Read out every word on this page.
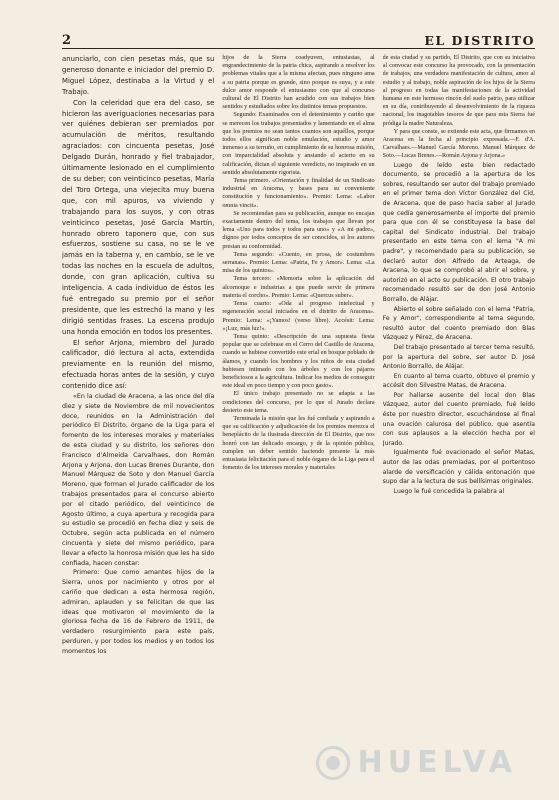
2	EL DISTRITO

anunciarlo, con cien pesetas más, que su generoso donante e iniciador del premio D. Miguel López, destinaba a la Virtud y el Trabajo.

Con la celeridad que era del caso, se hicieron las averiguaciones necesarias para ver quiénes debieran ser premiados por acumulación de méritos, resultando agraciados: con cincuenta pesetas, José Delgado Durán, honrado y fiel trabajador, últimamente lesionado en el cumplimiento de su deber; con veinticinco pesetas, María del Toro Ortega, una viejecita muy buena que, con mil apuros, va viviendo y trabajando para los suyos, y con otras veinticinco pesetas, José García Martín, honrado obrero taponero que, con sus esfuerzos, sostiene su casa, no se le ve jamás en la taberna y, en cambio, se le ve todas las noches en la escuela de adultos, donde, con gran aplicación, cultiva su inteligencia. A cada individuo de éstos les fué entregado su premio por el señor presidente, que les estrechó la mano y les dirigió sentidas frases. La escena produjo una honda emoción en todos los presentes.

El señor Arjona, miembro del Jurado calificador, dió lectura al acta, extendida previamente en la reunión del mismo, efectuada horas antes de la sesión, y cuyo contenido dice así:

«En la ciudad de Aracena, a las once del día diez y siete de Noviembre de mil novecientos doce, reunidos en la Administración del periódico El Distrito, órgano de la Liga para el fomento de los intereses morales y materiales de esta ciudad y su distrito, los señores don Francisco d'Almeida Carvalhaes, don Román Arjona y Arjona, don Lucas Brenes Durante, don Manuel Márquez de Soto y don Manuel García Moreno, que forman el Jurado calificador de los trabajos presentados para el concurso abierto por el citado periódico, del veinticinco de Agosto último, a cuya apertura y recogida para su estudio se procedió en fecha diez y seis de Octubre, según acta publicada en el número cincuenta y siete del mismo periódico, para llevar a efecto la honrosa misión que les ha sido confiada, hacen constar:

Primero: Que como amantes hijos de la Sierra, unos por nacimiento y otros por el cariño que dedican a esta hermosa región, admiran, aplauden y se felicitan de que las ideas que motivaron el movimiento de la gloriosa fecha de 16 de Febrero de 1911, de verdadero resurgimiento para este país, perduren, y por todos los medios y en todos los momentos los

hijos de la Sierra coadyuven, entusiastas, al engrandecimiento de la patria chica, aspirando a resolver los problemas vitales que a la misma afectan, pues ninguno ama a su patria porque es grande, sino porque es suya, y a este dulce amor responde el entusiasmo con que al concurso cultural de El Distrito han acudido con sus trabajos bien sentidos y estudiados sobre los distintos temas propuestos.

Segundo: Examinados con el detenimiento y cariño que se merecen los trabajos presentados y lamentando en el alma que los premios no sean tantos cuantos son aquéllos, porque todos ellos significan noble emulación, estudio y amor inmenso a su terruño, en cumplimiento de su honrosa misión, con imparcialidad absoluta y ansiando el acierto en su calificación, dictan el siguiente veredicto, no inspirado en un sentido absolutamente rigorista.

Tema primero. «Orientación y finalidad de un Sindicato industrial en Aracena, y bases para su conveniente constitución y funcionamiento». Premio: Lema: «Labor omnia vincit».

Se recomiendan para su publicación, aunque no encajan exactamente dentro del tema, los trabajos que llevan por lema «Uno para todos y todos para uno» y «A mi padre», dignos por todos conceptos de ser conocidos, si los autores prestan su conformidad.

Tema segundo: «Cuento, en prosa, de costumbres serranas». Premio: Lema: «Patria, Fe y Amor». Lema: «La misa de los quintos».

Tema tercero: «Memoria sobre la aplicación del alcornoque e industrias a que puede servir de primera materia el corcho». Premio: Lema: «Quercus suber».

Tema cuarto: «Oda al progreso intelectual y regeneración social iniciados en el distrito de Aracena». Premio: Lema: «¡Yamos! (verso libre). Accésit: Lema: «¡Luz, más luz!».

Tema quinto: «Descripción de una supuesta fiesta popular que se celebrase en el Cerro del Castillo de Aracena, cuando se hubiese convertido este erial en bosque poblado de álamos, y cuando los hombres y los niños de esta ciudad hubiesen intimado con los árboles y con los pájaros beneficiosos a la agricultura. Indicar los medios de conseguir este ideal en poco tiempo y con poco gasto».

El único trabajo presentado no se adapta a las condiciones del concurso, por lo que el Jurado declara desierto este tema.

Terminada la misión que les fué confiada y aspirando a que su calificación y adjudicación de los premios merezca el beneplácito de la ilustrada dirección de El Distrito, que nos honró con tan delicado encargo, y de la opinión pública, cumplen un deber sentido haciendo presente la más entusiasta felicitación para el noble órgano de la Liga para el fomento de los intereses morales y materiales

de esta ciudad y su partido, El Distrito, que con su iniciativa al convocar este concurso ha provocado, con la presentación de trabajos, una verdadera manifestación de cultura, amor al estudio y al trabajo, noble aspiración de los hijos de la Sierra al progreso en todas las manifestaciones de la actividad humana en este hermoso rincón del suelo patrio, para utilizar en su día, contribuyendo al desenvolvimiento de la riqueza nacional, los inagotables tesoros de que para esta Sierra fué pródiga la madre Naturaleza.

Y para que conste, se extiende este acta, que firmamos en Aracena en la fecha al principio expresada.—F. d'A. Carvalhaes.—Manuel García Moreno. Manuel Márquez de Soto.—Lucas Brenes.—Román Arjona y Arjona.»

Luego de leído este bien redactado documento, se procedió a la apertura de los sobres, resultando ser autor del trabajo premiado en el primer tema don Víctor González del Cid, de Aracena, que de paso hacia saber al Jurado que cedía generosamente el importe del premio para que con él se constituyese la base del capital del Sindicato industrial. Del trabajo presentado en este tema con el lema "A mi padre", y recomendado para su publicación, se declaró autor don Alfredo de Arteaga, de Aracena, lo que se comprobó al abrir el sobre, y autorizó en el acto su publicación. El otro trabajo recomendado resultó ser de don José Antonio Borrallo, de Alájar.

Abierto el sobre señalado con el lema "Patria, Fe y Amor", correspondiente al tema segundo, resultó autor del cuento premiado don Blas Vázquez y Pérez, de Aracena.

Del trabajo presentado al tercer tema resultó, por la apertura del sobre, ser autor D. José Antonio Borrallo, de Alájar.

En cuanto al tema cuarto, obtuvo el premio y accésit don Silvestre Matas, de Aracena.

Por hallarse ausente del local don Blas Vázquez, autor del cuento premiado, fué leído éste por nuestro director, escuchándose al final una ovación calurosa del público, que asentía con sus aplausos a la elección hecha por el Jurado.

Igualmente fué ovacionado el señor Matas, autor de las odas premiadas, por el portentoso alarde de versificación y cálida entonación que supo dar a la lectura de sus bellísimas originales.

Luego le fué concedida la palabra al

HUELVA
